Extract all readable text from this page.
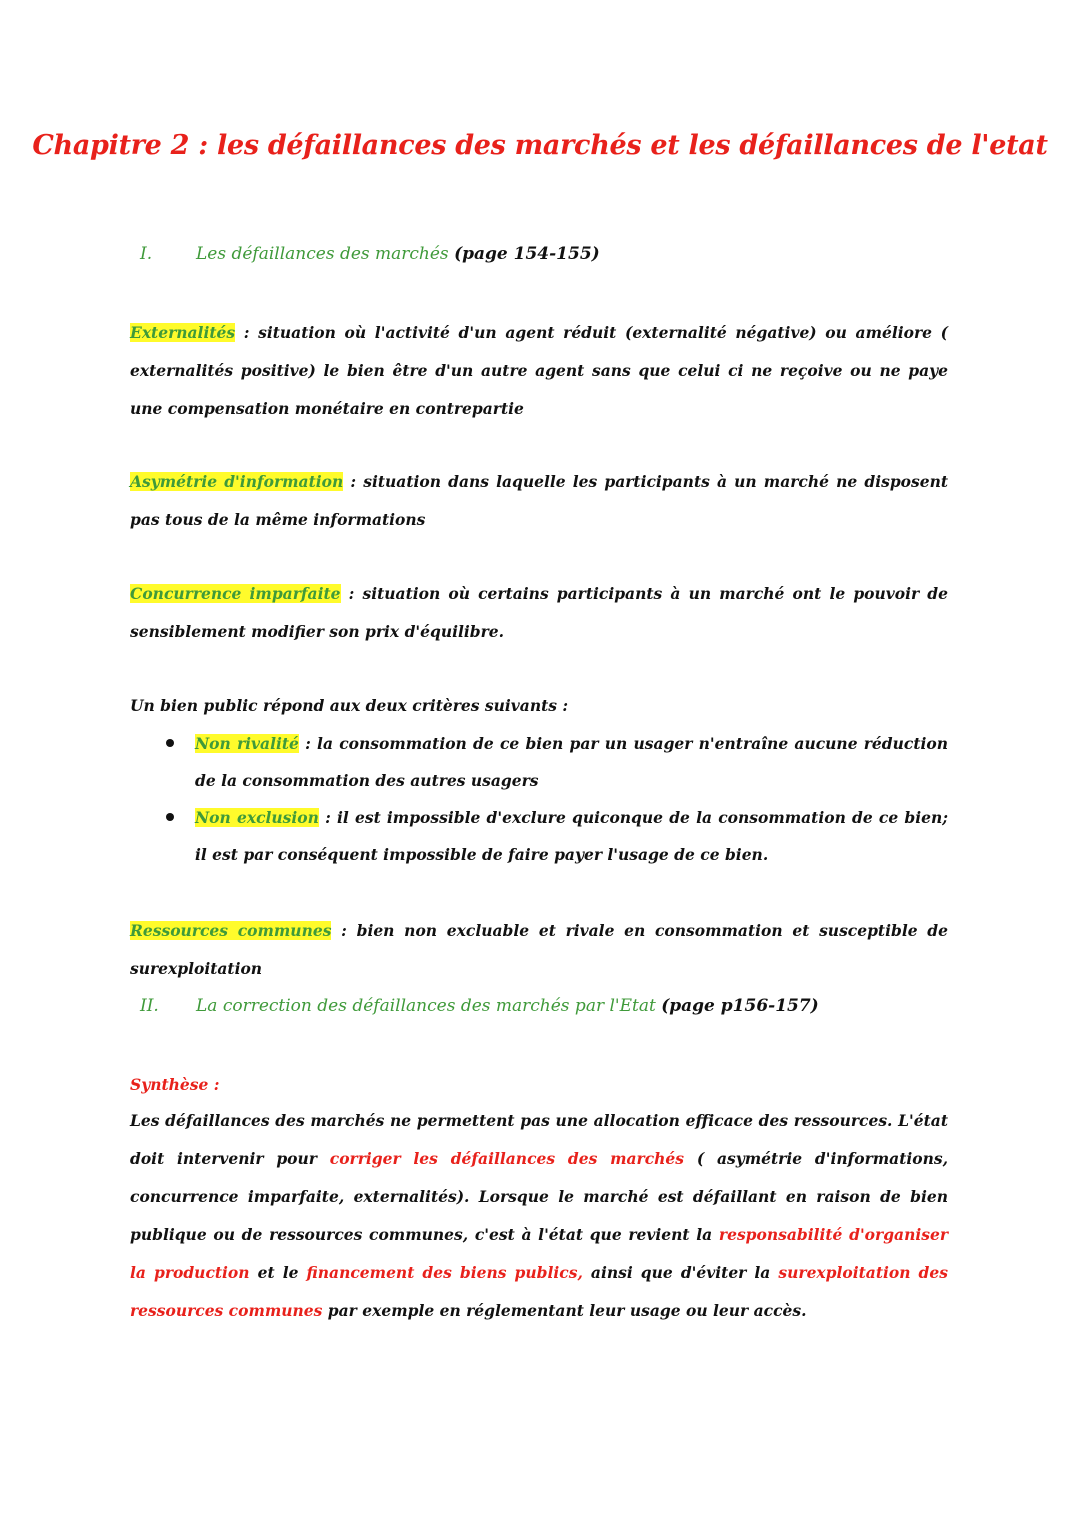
Chapitre 2 : les défaillances des marchés et les défaillances de l'etat
I.	Les défaillances des marchés (page 154-155)
Externalités : situation où l'activité d'un agent réduit (externalité négative) ou améliore ( externalités positive) le bien être d'un autre agent sans que celui ci ne reçoive ou ne paye une compensation monétaire en contrepartie
Asymétrie d'information : situation dans laquelle les participants à un marché ne disposent pas tous de la même informations
Concurrence imparfaite : situation où certains participants à un marché ont le pouvoir de sensiblement modifier son prix d'équilibre.
Un bien public répond aux deux critères suivants :
Non rivalité : la consommation de ce bien par un usager n'entraîne aucune réduction de la consommation des autres usagers
Non exclusion : il est impossible d'exclure quiconque de la consommation de ce bien; il est par conséquent impossible de faire payer l'usage de ce bien.
Ressources communes : bien non excluable et rivale en consommation et susceptible de surexploitation
II. La correction des défaillances des marchés par l'Etat (page p156-157)
Synthèse :
Les défaillances des marchés ne permettent pas une allocation efficace des ressources. L'état doit intervenir pour corriger les défaillances des marchés ( asymétrie d'informations, concurrence imparfaite, externalités). Lorsque le marché est défaillant en raison de bien publique ou de ressources communes, c'est à l'état que revient la responsabilité d'organiser la production et le financement des biens publics, ainsi que d'éviter la surexploitation des ressources communes par exemple en réglementant leur usage ou leur accès.
